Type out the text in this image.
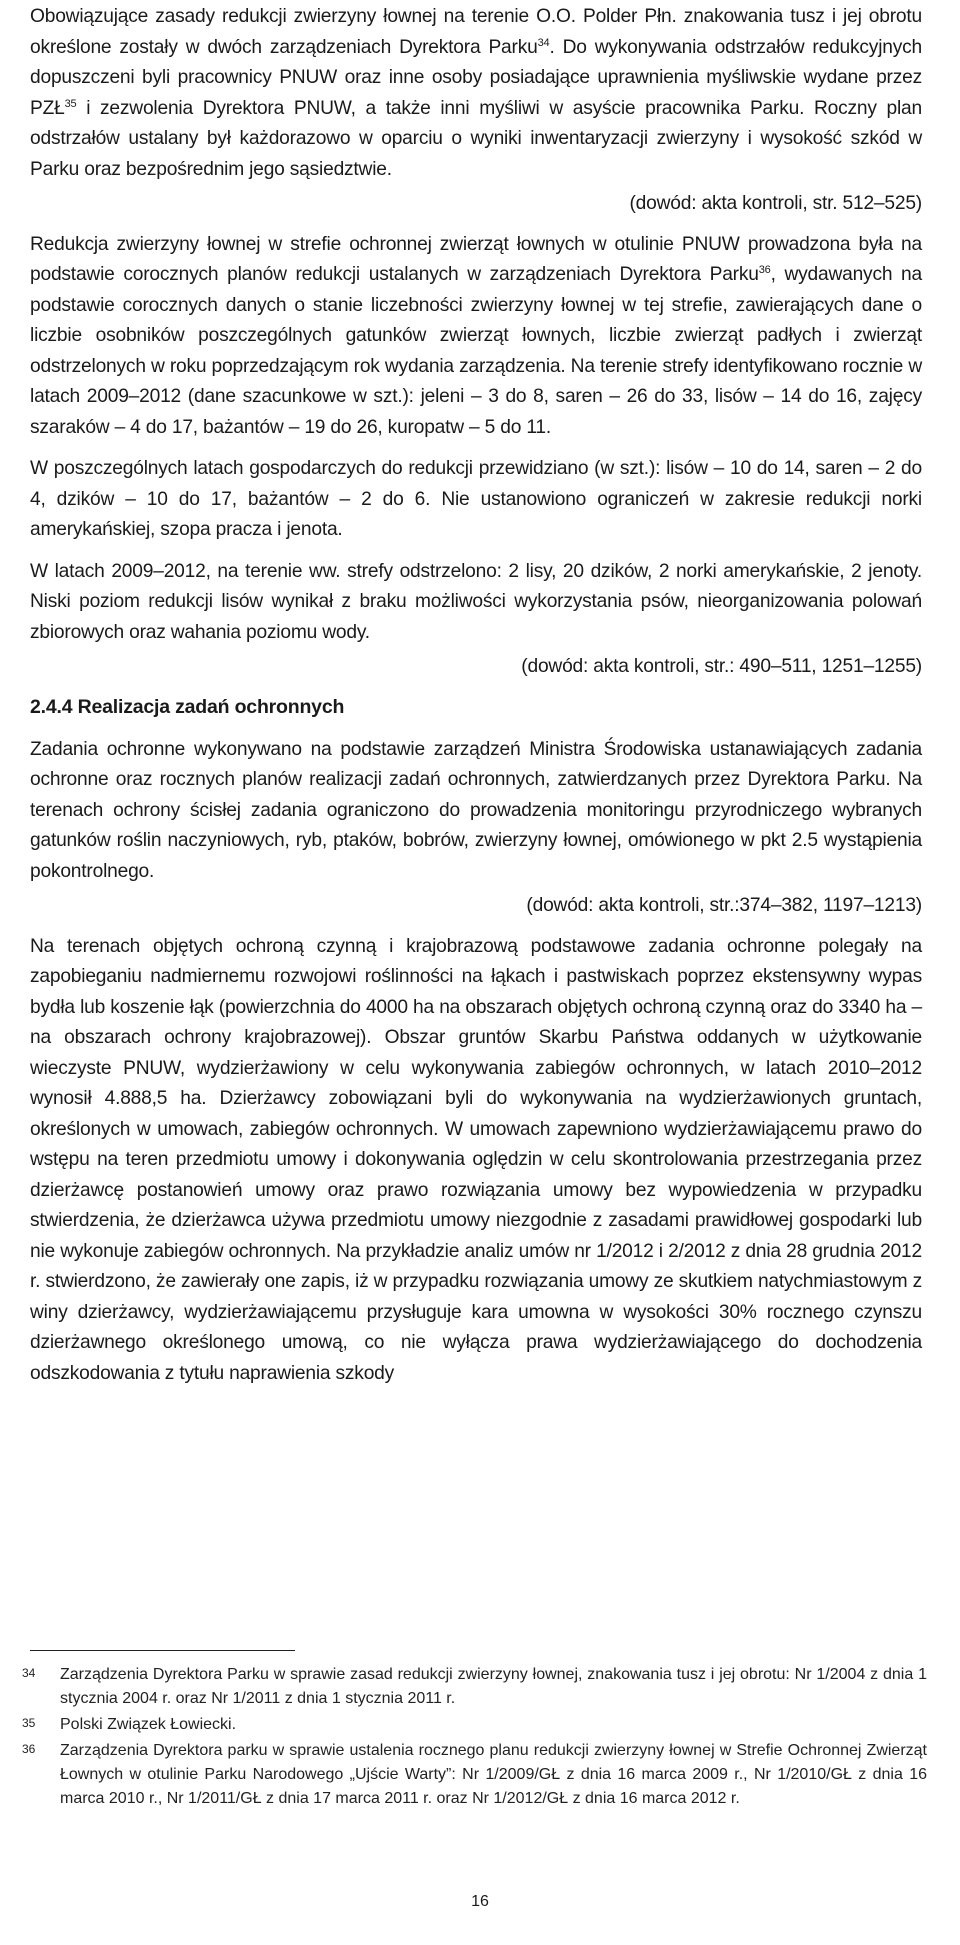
Obowiązujące zasady redukcji zwierzyny łownej na terenie O.O. Polder Płn. znakowania tusz i jej obrotu określone zostały w dwóch zarządzeniach Dyrektora Parku$^{34}$. Do wykonywania odstrzałów redukcyjnych dopuszczeni byli pracownicy PNUW oraz inne osoby posiadające uprawnienia myśliwskie wydane przez PZŁ$^{35}$ i zezwolenia Dyrektora PNUW, a także inni myśliwi w asyście pracownika Parku. Roczny plan odstrzałów ustalany był każdorazowo w oparciu o wyniki inwentaryzacji zwierzyny i wysokość szkód w Parku oraz bezpośrednim jego sąsiedztwie.

(dowód: akta kontroli, str. 512–525)

Redukcja zwierzyny łownej w strefie ochronnej zwierząt łownych w otulinie PNUW prowadzona była na podstawie corocznych planów redukcji ustalanych w zarządzeniach Dyrektora Parku$^{36}$, wydawanych na podstawie corocznych danych o stanie liczebności zwierzyny łownej w tej strefie, zawierających dane o liczbie osobników poszczególnych gatunków zwierząt łownych, liczbie zwierząt padłych i zwierząt odstrzelonych w roku poprzedzającym rok wydania zarządzenia. Na terenie strefy identyfikowano rocznie w latach 2009–2012 (dane szacunkowe w szt.): jeleni – 3 do 8, saren – 26 do 33, lisów – 14 do 16, zajęcy szaraków – 4 do 17, bażantów – 19 do 26, kuropatw – 5 do 11.

W poszczególnych latach gospodarczych do redukcji przewidziano (w szt.): lisów – 10 do 14, saren – 2 do 4, dzików – 10 do 17, bażantów – 2 do 6. Nie ustanowiono ograniczeń w zakresie redukcji norki amerykańskiej, szopa pracza i jenota.

W latach 2009–2012, na terenie ww. strefy odstrzelono: 2 lisy, 20 dzików, 2 norki amerykańskie, 2 jenoty. Niski poziom redukcji lisów wynikał z braku możliwości wykorzystania psów, nieorganizowania polowań zbiorowych oraz wahania poziomu wody.

(dowód: akta kontroli, str.: 490–511, 1251–1255)

2.4.4 Realizacja zadań ochronnych

Zadania ochronne wykonywano na podstawie zarządzeń Ministra Środowiska ustanawiających zadania ochronne oraz rocznych planów realizacji zadań ochronnych, zatwierdzanych przez Dyrektora Parku. Na terenach ochrony ścisłej zadania ograniczono do prowadzenia monitoringu przyrodniczego wybranych gatunków roślin naczyniowych, ryb, ptaków, bobrów, zwierzyny łownej, omówionego w pkt 2.5 wystąpienia pokontrolnego.

(dowód: akta kontroli, str.:374–382, 1197–1213)

Na terenach objętych ochroną czynną i krajobrazową podstawowe zadania ochronne polegały na zapobieganiu nadmiernemu rozwojowi roślinności na łąkach i pastwiskach poprzez ekstensywny wypas bydła lub koszenie łąk (powierzchnia do 4000 ha na obszarach objętych ochroną czynną oraz do 3340 ha – na obszarach ochrony krajobrazowej). Obszar gruntów Skarbu Państwa oddanych w użytkowanie wieczyste PNUW, wydzierżawiony w celu wykonywania zabiegów ochronnych, w latach 2010–2012 wynosił 4.888,5 ha. Dzierżawcy zobowiązani byli do wykonywania na wydzierżawionych gruntach, określonych w umowach, zabiegów ochronnych. W umowach zapewniono wydzierżawiającemu prawo do wstępu na teren przedmiotu umowy i dokonywania oględzin w celu skontrolowania przestrzegania przez dzierżawcę postanowień umowy oraz prawo rozwiązania umowy bez wypowiedzenia w przypadku stwierdzenia, że dzierżawca używa przedmiotu umowy niezgodnie z zasadami prawidłowej gospodarki lub nie wykonuje zabiegów ochronnych. Na przykładzie analiz umów nr 1/2012 i 2/2012 z dnia 28 grudnia 2012 r. stwierdzono, że zawierały one zapis, iż w przypadku rozwiązania umowy ze skutkiem natychmiastowym z winy dzierżawcy, wydzierżawiającemu przysługuje kara umowna w wysokości 30% rocznego czynszu dzierżawnego określonego umową, co nie wyłącza prawa wydzierżawiającego do dochodzenia odszkodowania z tytułu naprawienia szkody

34	Zarządzenia Dyrektora Parku w sprawie zasad redukcji zwierzyny łownej, znakowania tusz i jej obrotu: Nr 1/2004 z dnia 1 stycznia 2004 r. oraz Nr 1/2011 z dnia 1 stycznia 2011 r.
35	Polski Związek Łowiecki.
36	Zarządzenia Dyrektora parku w sprawie ustalenia rocznego planu redukcji zwierzyny łownej w Strefie Ochronnej Zwierząt Łownych w otulinie Parku Narodowego „Ujście Warty”: Nr 1/2009/GŁ z dnia 16 marca 2009 r., Nr 1/2010/GŁ z dnia 16 marca 2010 r., Nr 1/2011/GŁ z dnia 17 marca 2011 r. oraz Nr 1/2012/GŁ z dnia 16 marca 2012 r.
16
